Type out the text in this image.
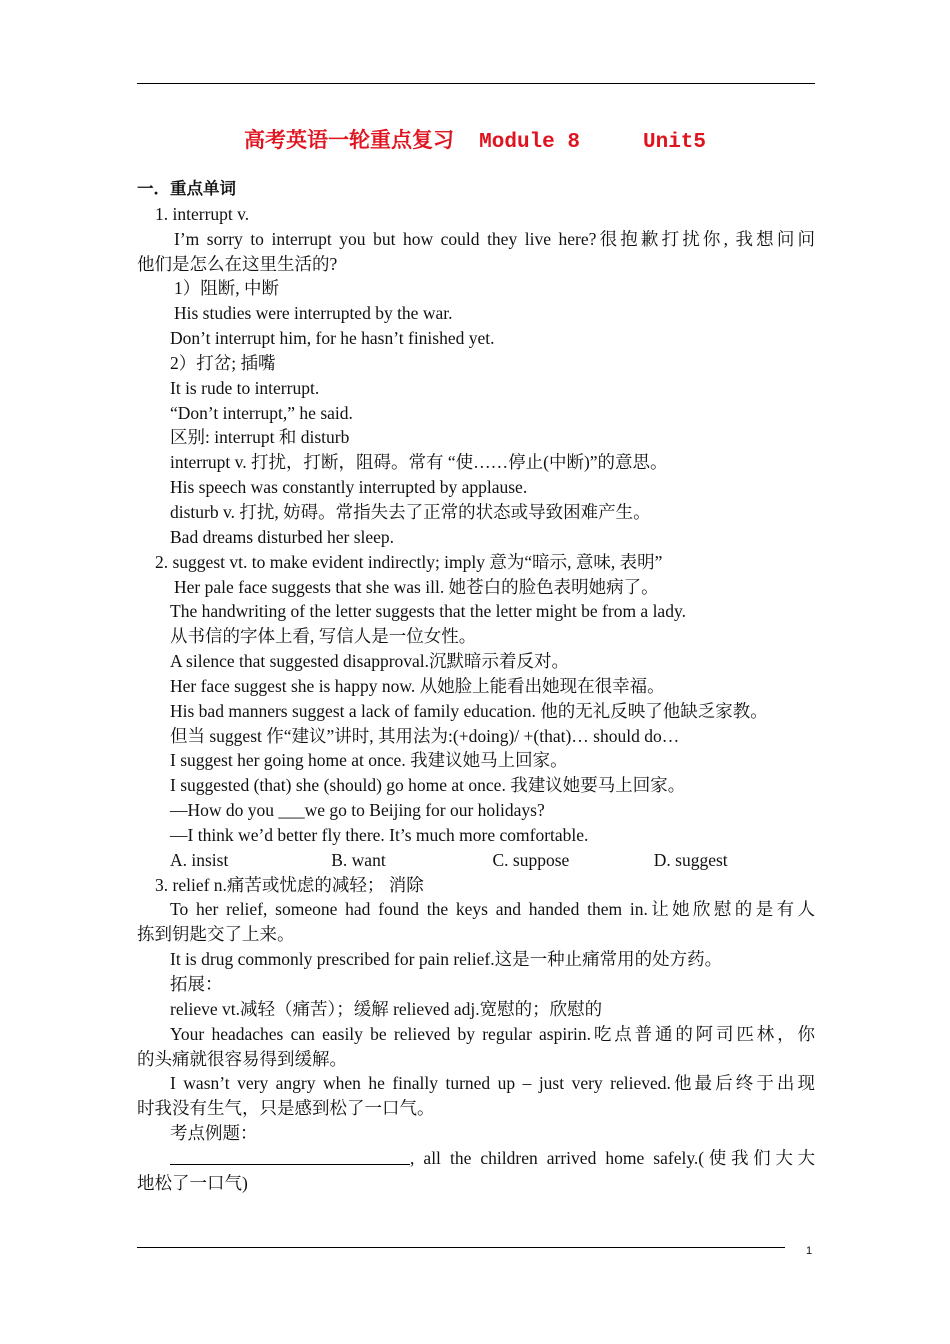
高考英语一轮重点复习  Module 8     Unit5
一．重点单词
1. interrupt v.
I’m sorry to interrupt you but how could they live here?很抱歉打扰你, 我想问问
他们是怎么在这里生活的?
1）阻断, 中断
His studies were interrupted by the war.
Don’t interrupt him, for he hasn’t finished yet.
2）打岔; 插嘴
It is rude to interrupt.
“Don’t interrupt,” he said.
区别: interrupt 和 disturb
interrupt v. 打扰，打断，阻碍。常有 “使……停止(中断)”的意思。
His speech was constantly interrupted by applause.
disturb v. 打扰, 妨碍。常指失去了正常的状态或导致困难产生。
Bad dreams disturbed her sleep.
2. suggest vt. to make evident indirectly; imply 意为“暗示, 意味, 表明”
Her pale face suggests that she was ill. 她苍白的脸色表明她病了。
The handwriting of the letter suggests that the letter might be from a lady.
从书信的字体上看, 写信人是一位女性。
A silence that suggested disapproval.沉默暗示着反对。
Her face suggest she is happy now. 从她脸上能看出她现在很幸福。
His bad manners suggest a lack of family education. 他的无礼反映了他缺乏家教。
但当 suggest 作“建议”讲时, 其用法为:(+doing)/ +(that)… should do…
I suggest her going home at once. 我建议她马上回家。
I suggested (that) she (should) go home at once. 我建议她要马上回家。
—How do you ___we go to Beijing for our holidays?
—I think we’d better fly there. It’s much more comfortable.
A. insist	B. want	C. suppose	D. suggest
3. relief n.痛苦或忧虑的减轻； 消除
To her relief, someone had found the keys and handed them in.让她欣慰的是有人
拣到钥匙交了上来。
It is drug commonly prescribed for pain relief.这是一种止痛常用的处方药。
拓展：
relieve vt.减轻（痛苦）；缓解 relieved adj.宽慰的；欣慰的
Your headaches can easily be relieved by regular aspirin.吃点普通的阿司匹林，你
的头痛就很容易得到缓解。
I wasn’t very angry when he finally turned up – just very relieved.他最后终于出现
时我没有生气，只是感到松了一口气。
考点例题：
, all the children arrived home safely.(使我们大大
地松了一口气)
1
